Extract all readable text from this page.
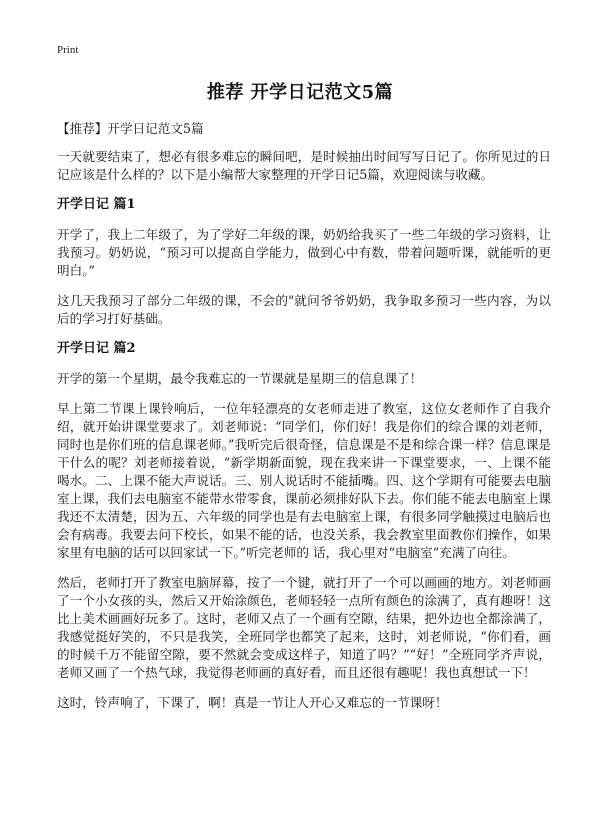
Print
推荐 开学日记范文5篇

【推荐】开学日记范文5篇

一天就要结束了，想必有很多难忘的瞬间吧，是时候抽出时间写写日记了。你所见过的日记应该是什么样的？以下是小编帮大家整理的开学日记5篇，欢迎阅读与收藏。

开学日记 篇1

开学了，我上二年级了，为了学好二年级的课，奶奶给我买了一些二年级的学习资料，让我预习。奶奶说，“预习可以提高自学能力，做到心中有数，带着问题听课，就能听的更明白。”

这几天我预习了部分二年级的课，不会的"就问爷爷奶奶，我争取多预习一些内容，为以后的学习打好基础。

开学日记 篇2

开学的第一个星期，最令我难忘的一节课就是星期三的信息课了！

早上第二节课上课铃响后，一位年轻漂亮的女老师走进了教室，这位女老师作了自我介绍，就开始讲课堂要求了。刘老师说：“同学们，你们好！我是你们的综合课的刘老师，同时也是你们班的信息课老师。”我听完后很奇怪，信息课是不是和综合课一样？信息课是干什么的呢？刘老师接着说，“新学期新面貌，现在我来讲一下课堂要求，一、上课不能喝水。二、上课不能大声说话。三、别人说话时不能插嘴。四、这个学期有可能要去电脑室上课，我们去电脑室不能带水带零食，课前必须排好队下去。你们能不能去电脑室上课我还不太清楚，因为五、六年级的同学也是有去电脑室上课，有很多同学触摸过电脑后也会有病毒。我要去问下校长，如果不能的话，也没关系，我会教室里面教你们操作，如果家里有电脑的话可以回家试一下。”听完老师的 话，我心里对“电脑室”充满了向往。

然后，老师打开了教室电脑屏幕，按了一个键，就打开了一个可以画画的地方。刘老师画了一个小女孩的头，然后又开始涂颜色，老师轻轻一点所有颜色的涂满了，真有趣呀！这比上美术画画好玩多了。这时，老师又点了一个画有空隙，结果，把外边也全都涂满了，我感觉挺好笑的，不只是我笑，全班同学也都笑了起来，这时，刘老师说，“你们看，画的时候千万不能留空隙，要不然就会变成这样子，知道了吗？”“好！”全班同学齐声说，老师又画了一个热气球，我觉得老师画的真好看，而且还很有趣呢！我也真想试一下！

这时，铃声响了，下课了，啊！真是一节让人开心又难忘的一节课呀！
